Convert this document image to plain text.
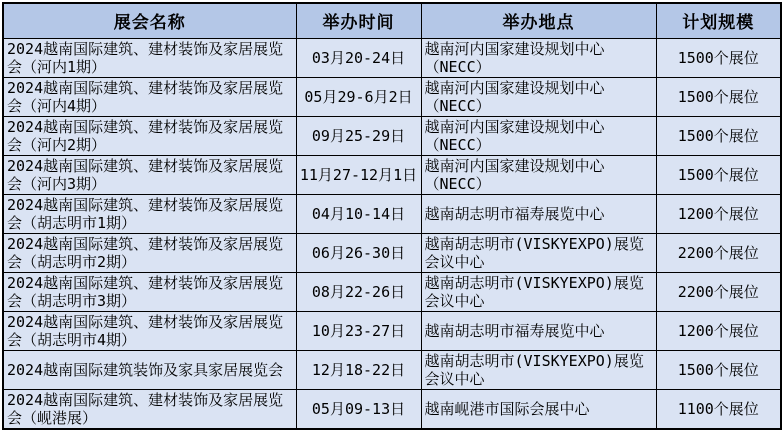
展会名称	举办时间	举办地点	计划规模
2024越南国际建筑、建材装饰及家居展览会（河内1期）	03月20-24日	越南河内国家建设规划中心（NECC）	1500个展位
2024越南国际建筑、建材装饰及家居展览会（河内4期）	05月29-6月2日	越南河内国家建设规划中心（NECC）	1500个展位
2024越南国际建筑、建材装饰及家居展览会（河内2期）	09月25-29日	越南河内国家建设规划中心（NECC）	1500个展位
2024越南国际建筑、建材装饰及家居展览会（河内3期）	11月27-12月1日	越南河内国家建设规划中心（NECC）	1500个展位
2024越南国际建筑、建材装饰及家居展览会（胡志明市1期）	04月10-14日	越南胡志明市福寿展览中心	1200个展位
2024越南国际建筑、建材装饰及家居展览会（胡志明市2期）	06月26-30日	越南胡志明市(VISKYEXPO)展览会议中心	2200个展位
2024越南国际建筑、建材装饰及家居展览会（胡志明市3期）	08月22-26日	越南胡志明市(VISKYEXPO)展览会议中心	2200个展位
2024越南国际建筑、建材装饰及家居展览会（胡志明市4期）	10月23-27日	越南胡志明市福寿展览中心	1200个展位
2024越南国际建筑装饰及家具家居展览会	12月18-22日	越南胡志明市(VISKYEXPO)展览会议中心	1500个展位
2024越南国际建筑、建材装饰及家居展览会（岘港展）	05月09-13日	越南岘港市国际会展中心	1100个展位
